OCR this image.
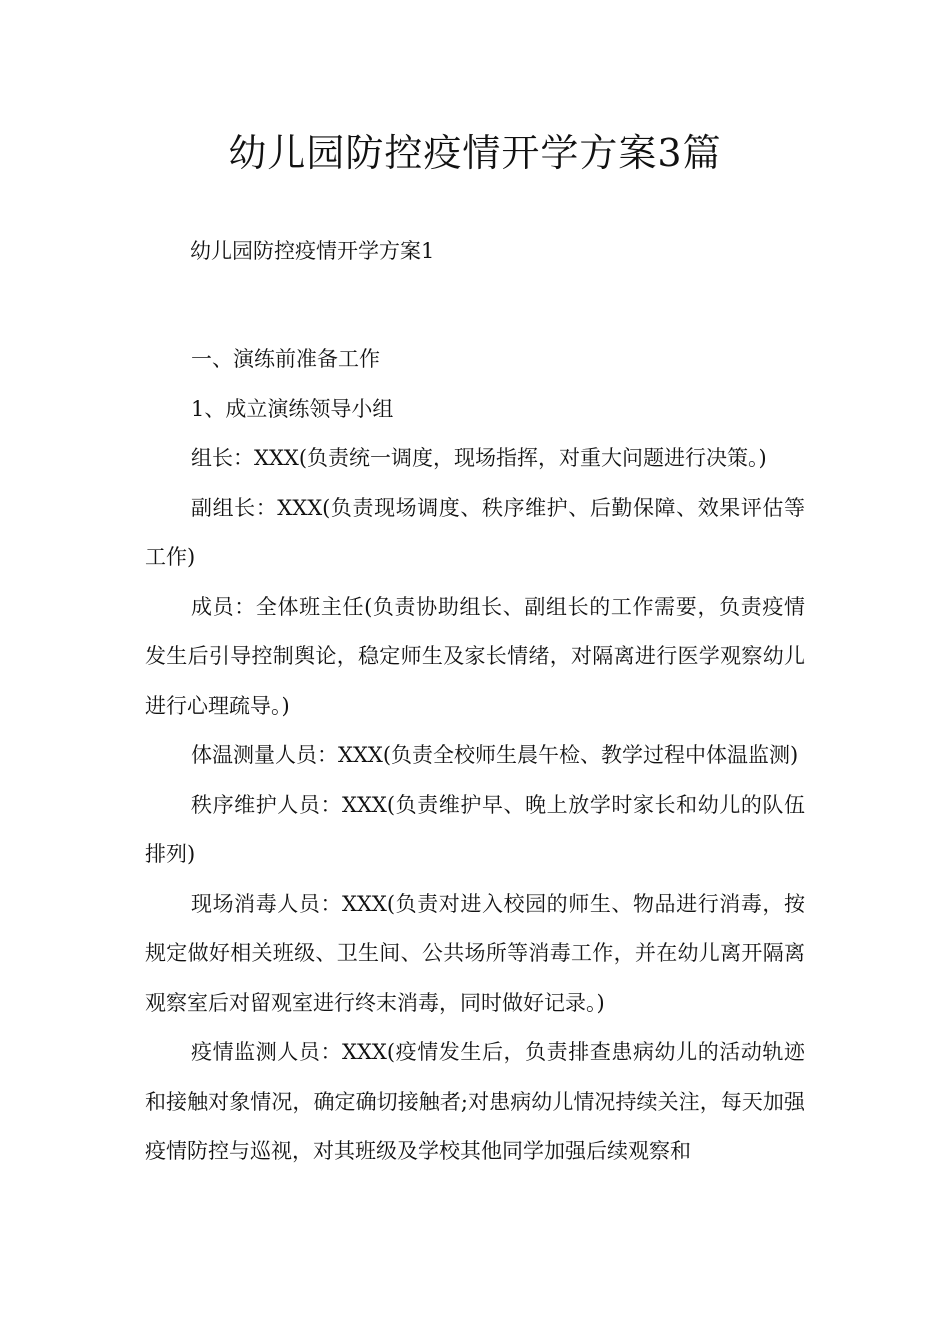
幼儿园防控疫情开学方案3篇

幼儿园防控疫情开学方案1

一、演练前准备工作

1、成立演练领导小组

组长：XXX(负责统一调度，现场指挥，对重大问题进行决策。)

副组长：XXX(负责现场调度、秩序维护、后勤保障、效果评估等工作)

成员：全体班主任(负责协助组长、副组长的工作需要，负责疫情发生后引导控制舆论，稳定师生及家长情绪，对隔离进行医学观察幼儿进行心理疏导。)

体温测量人员：XXX(负责全校师生晨午检、教学过程中体温监测)

秩序维护人员：XXX(负责维护早、晚上放学时家长和幼儿的队伍排列)

现场消毒人员：XXX(负责对进入校园的师生、物品进行消毒，按规定做好相关班级、卫生间、公共场所等消毒工作，并在幼儿离开隔离观察室后对留观室进行终末消毒，同时做好记录。)

疫情监测人员：XXX(疫情发生后，负责排查患病幼儿的活动轨迹和接触对象情况，确定确切接触者;对患病幼儿情况持续关注，每天加强疫情防控与巡视，对其班级及学校其他同学加强后续观察和
